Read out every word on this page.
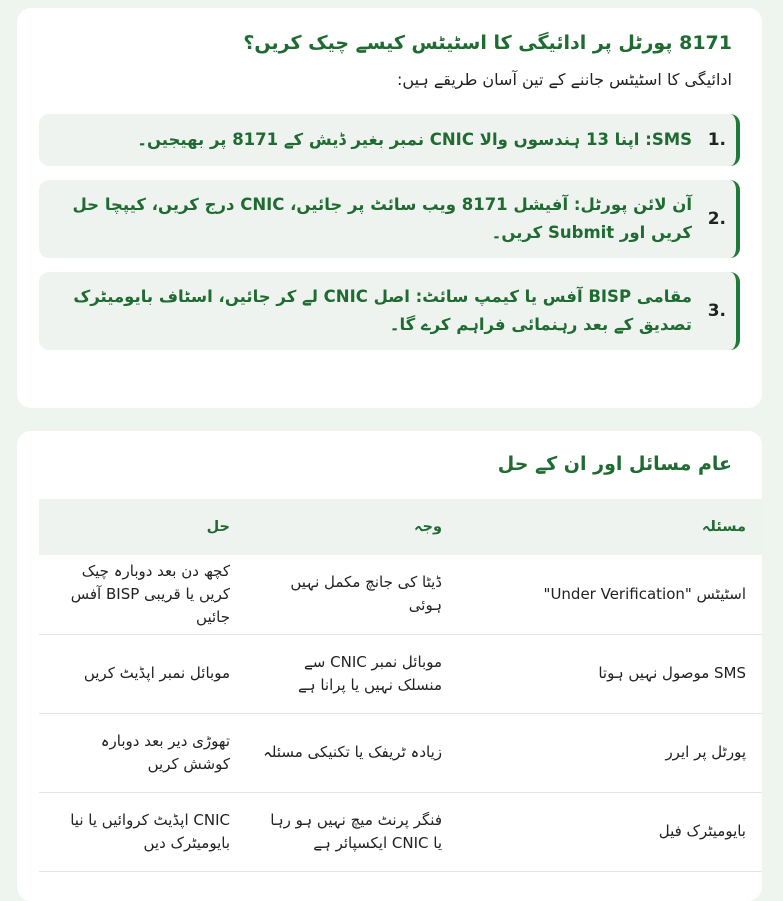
8171 پورٹل پر ادائیگی کا اسٹیٹس کیسے چیک کریں؟

ادائیگی کا اسٹیٹس جاننے کے تین آسان طریقے ہیں:

1.
SMS: اپنا 13 ہندسوں والا CNIC نمبر بغیر ڈیش کے 8171 پر بھیجیں۔
2.
آن لائن پورٹل: آفیشل 8171 ویب سائٹ پر جائیں، CNIC درج کریں، کیپچا حل کریں اور Submit کریں۔
3.
مقامی BISP آفس یا کیمپ سائٹ: اصل CNIC لے کر جائیں، اسٹاف بایومیٹرک تصدیق کے بعد رہنمائی فراہم کرے گا۔
عام مسائل اور ان کے حل
مسئلہ	وجہ	حل
اسٹیٹس "Under Verification"	ڈیٹا کی جانچ مکمل نہیں ہوئی	کچھ دن بعد دوبارہ چیک کریں یا قریبی BISP آفس جائیں
SMS موصول نہیں ہوتا	موبائل نمبر CNIC سے منسلک نہیں یا پرانا ہے	موبائل نمبر اپڈیٹ کریں
پورٹل پر ایرر	زیادہ ٹریفک یا تکنیکی مسئلہ	تھوڑی دیر بعد دوبارہ کوشش کریں
بایومیٹرک فیل	فنگر پرنٹ میچ نہیں ہو رہا یا CNIC ایکسپائر ہے	CNIC اپڈیٹ کروائیں یا نیا بایومیٹرک دیں
